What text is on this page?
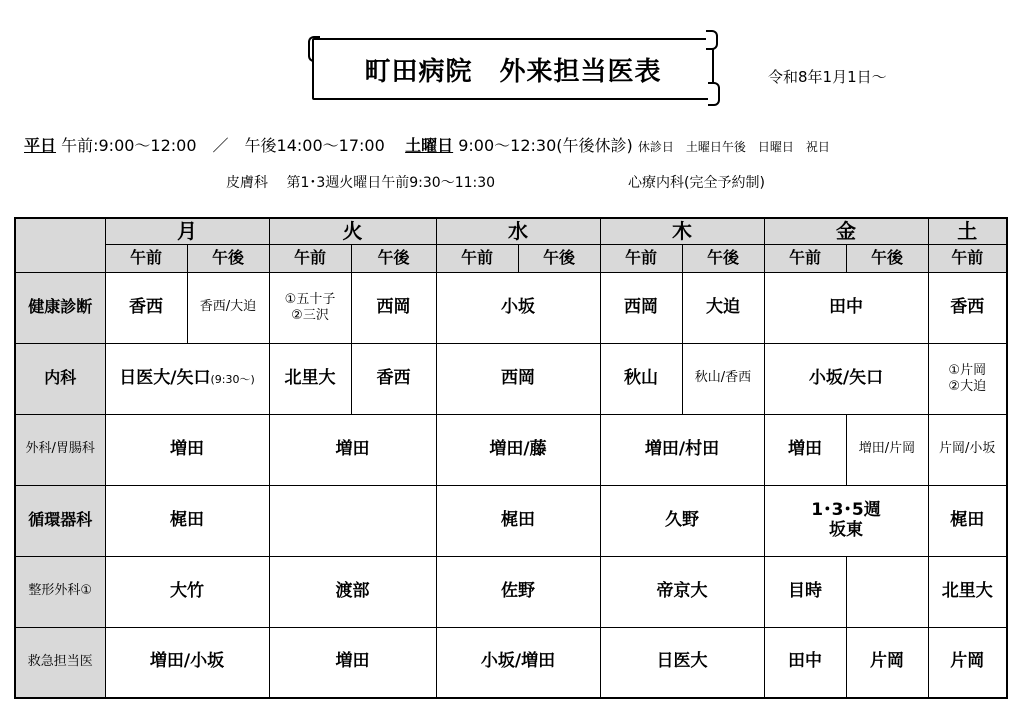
町田病院　外来担当医表	令和8年1月1日～
平日 午前:9:00～12:00　／　午後14:00～17:00 土曜日 9:00～12:30(午後休診) 休診日　土曜日午後　日曜日　祝日
皮膚科　 第1･3週火曜日午前9:30～11:30	心療内科(完全予約制)
	月		火		水		木		金		土
	午前	午後	午前	午後	午前	午後	午前	午後	午前	午後	午前
健康診断	香西	香西/大迫	①五十子
②三沢	西岡	小坂		西岡	大迫	田中		香西
内科	日医大/矢口(9:30～)		北里大	香西	西岡		秋山	秋山/香西	小坂/矢口		①片岡
②大迫

外科/胃腸科	増田		増田		増田/藤		増田/村田		増田	増田/片岡	片岡/小坂
循環器科	梶田				梶田		久野		1･3･5週
坂東		梶田
整形外科①	大竹		渡部		佐野		帝京大		目時		北里大
救急担当医	増田/小坂		増田		小坂/増田		日医大		田中	片岡	片岡
